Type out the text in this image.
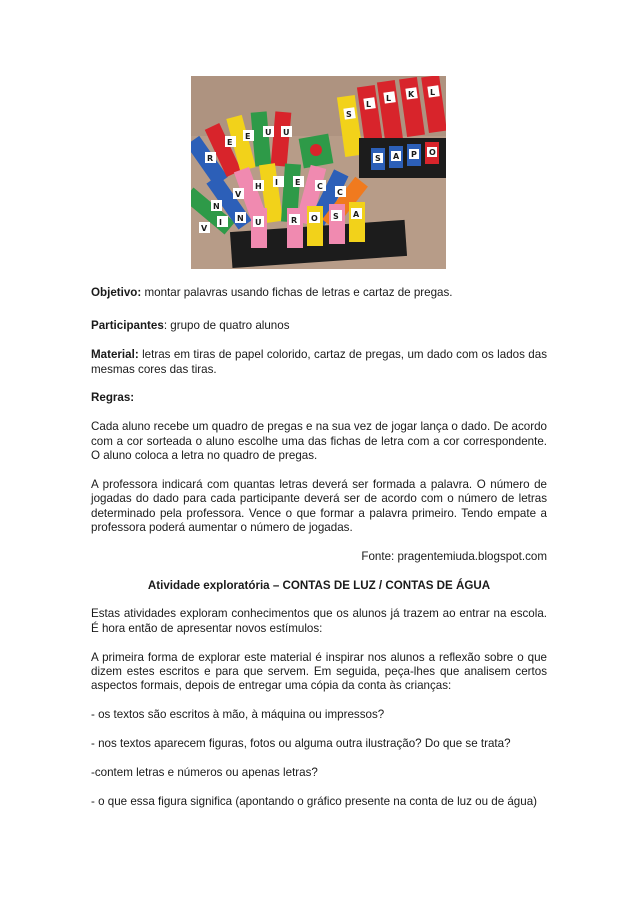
S
L
L K L
S A P O
E
E U U
R
N
V
H I E C
C
R O S A
V
I N U

Objetivo: montar palavras usando fichas de letras e cartaz de pregas.

Participantes: grupo de quatro alunos

Material: letras em tiras de papel colorido, cartaz de pregas, um dado com os lados das mesmas cores das tiras.

Regras:

Cada aluno recebe um quadro de pregas e na sua vez de jogar lança o dado. De acordo com a cor sorteada o aluno escolhe uma das fichas de letra com a cor correspondente. O aluno coloca a letra no quadro de pregas.

A professora indicará com quantas letras deverá ser formada a palavra. O número de jogadas do dado para cada participante deverá ser de acordo com o número de letras determinado pela professora. Vence o que formar a palavra primeiro. Tendo empate a professora poderá aumentar o número de jogadas.

Fonte: pragentemiuda.blogspot.com

Atividade exploratória – CONTAS DE LUZ / CONTAS DE ÁGUA

Estas atividades exploram conhecimentos que os alunos já trazem ao entrar na escola. É hora então de apresentar novos estímulos:

A primeira forma de explorar este material é inspirar nos alunos a reflexão sobre o que dizem estes escritos e para que servem. Em seguida, peça-lhes que analisem certos aspectos formais, depois de entregar uma cópia da conta às crianças:

- os textos são escritos à mão, à máquina ou impressos?

- nos textos aparecem figuras, fotos ou alguma outra ilustração? Do que se trata?

-contem letras e números ou apenas letras?

- o que essa figura significa (apontando o gráfico presente na conta de luz ou de água)
